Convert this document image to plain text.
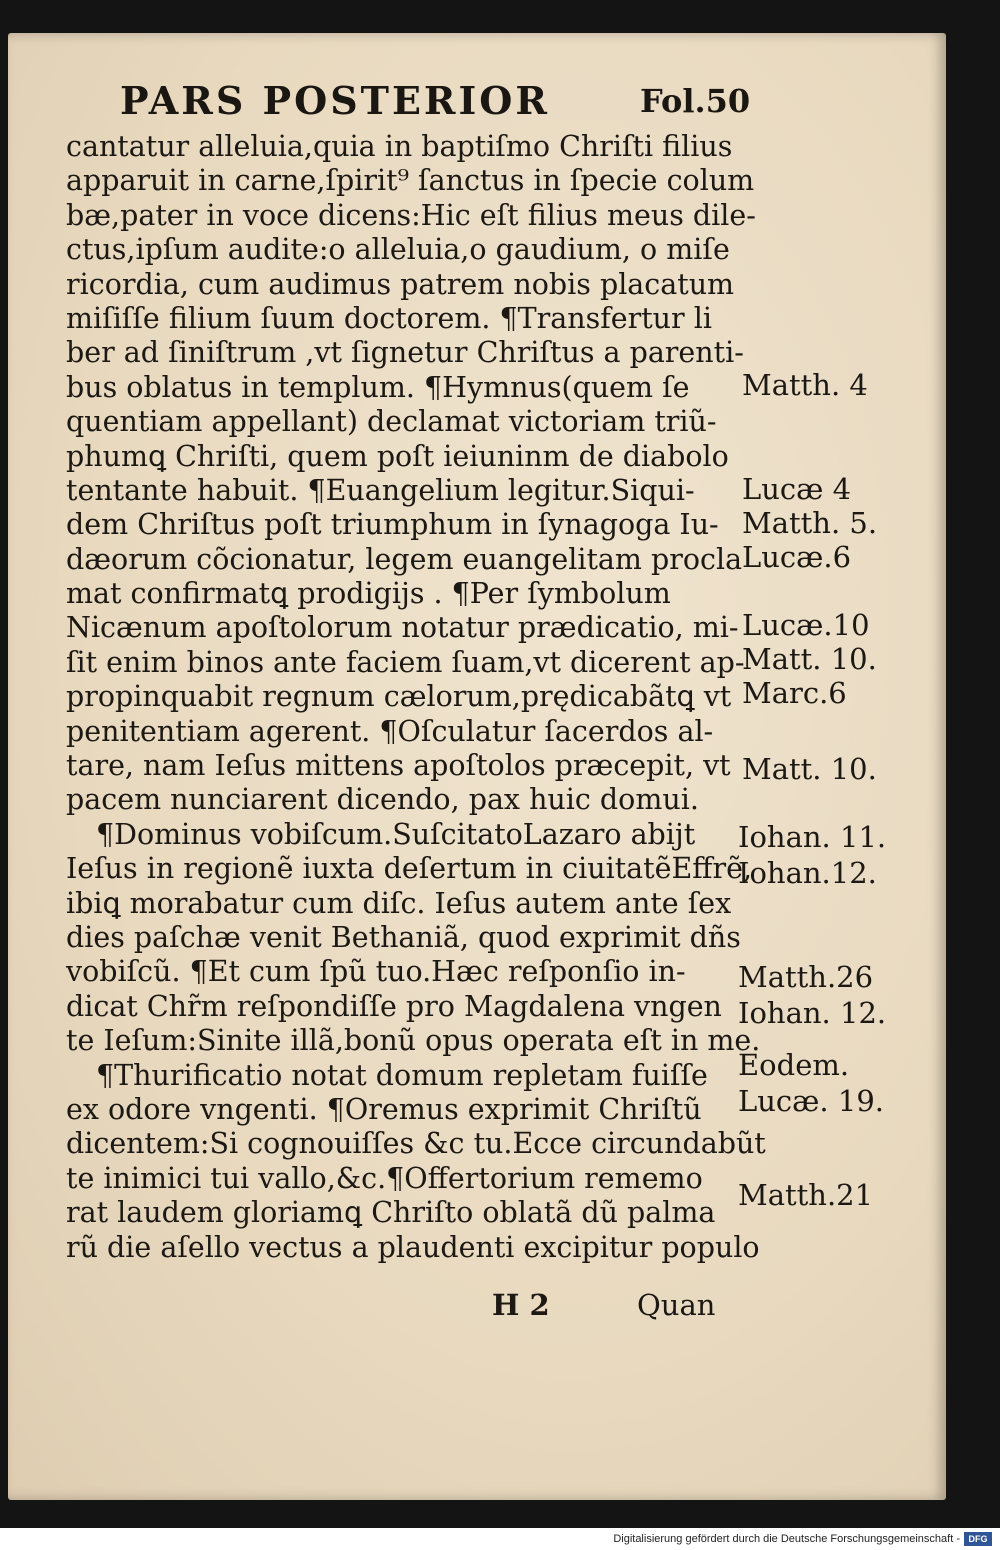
PARS POSTERIOR	Fol.50
cantatur alleluia,quia in baptiſmo Chriſti filius
apparuit in carne,ſpirit⁹ ſanctus in ſpecie colum
bæ,pater in voce dicens:Hic eſt filius meus dile-
ctus,ipſum audite:o alleluia,o gaudium, o miſe
ricordia, cum audimus patrem nobis placatum
miſiſſe filium ſuum doctorem. ¶Transfertur li
ber ad ſiniſtrum ,vt ſignetur Chriſtus a parenti-
bus oblatus in templum. ¶Hymnus(quem ſe
quentiam appellant) declamat victoriam triũ-
phumꝗ Chriſti, quem poſt ieiuninm de diabolo
tentante habuit. ¶Euangelium legitur.Siqui-
dem Chriſtus poſt triumphum in ſynagoga Iu-
dæorum cõcionatur, legem euangelitam procla
mat confirmatꝗ prodigijs . ¶Per ſymbolum
Nicænum apoſtolorum notatur prædicatio, mi-
ſit enim binos ante faciem ſuam,vt dicerent ap-
propinquabit regnum cælorum,prędicabãtꝗ vt
penitentiam agerent. ¶Oſculatur ſacerdos al-
tare, nam Ieſus mittens apoſtolos præcepit, vt
pacem nunciarent dicendo, pax huic domui.
¶Dominus vobiſcum.SuſcitatoLazaro abijt
Ieſus in regionẽ iuxta deſertum in ciuitatẽEffrẽ,
ibiꝗ morabatur cum diſc. Ieſus autem ante ſex
dies paſchæ venit Bethaniã, quod exprimit dñs
vobiſcũ. ¶Et cum ſpũ tuo.Hæc reſponſio in-
dicat Chr̃m reſpondiſſe pro Magdalena vngen
te Ieſum:Sinite illã,bonũ opus operata eſt in me.
¶Thurificatio notat domum repletam fuiſſe
ex odore vngenti. ¶Oremus exprimit Chriſtũ
dicentem:Si cognouiſſes &c tu.Ecce circundabũt
te inimici tui vallo,&c.¶Offertorium rememo
rat laudem gloriamꝗ Chriſto oblatã dũ palma
rũ die aſello vectus a plaudenti excipitur populo
Matth. 4
Lucæ 4
Matth. 5.
Lucæ.6
Lucæ.10
Matt. 10.
Marc.6
Matt. 10.
Iohan. 11.
Iohan.12.
Matth.26
Iohan. 12.
Eodem.
Lucæ. 19.
Matth.21
H 2	Quan
Digitalisierung gefördert durch die Deutsche Forschungsgemeinschaft - DFG
